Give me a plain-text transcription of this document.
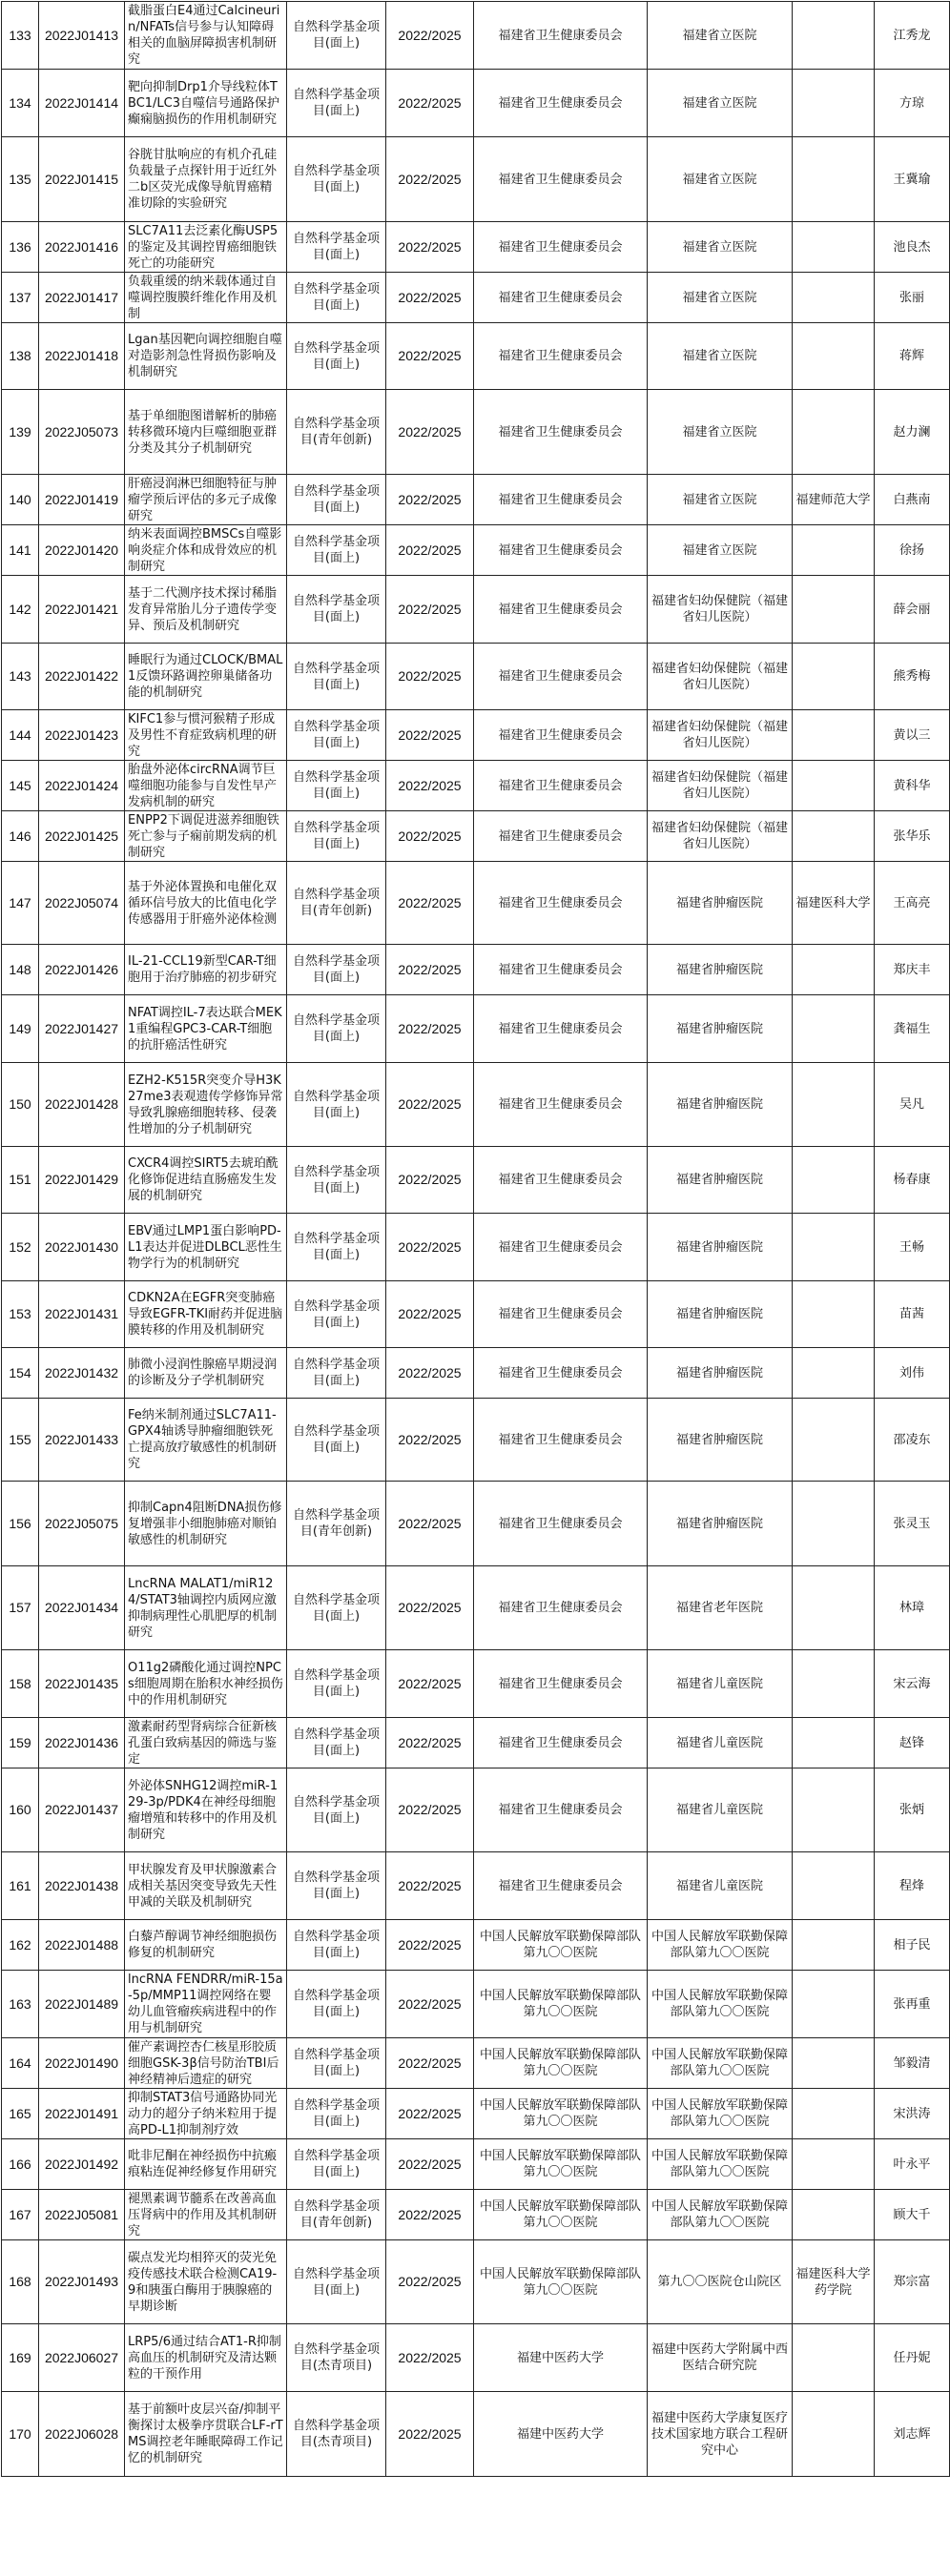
133	2022J01413	截脂蛋白E4通过Calcineurin/NFATs信号参与认知障碍相关的血脑屏障损害机制研究	自然科学基金项目(面上)	2022/2025	福建省卫生健康委员会	福建省立医院		江秀龙
134	2022J01414	靶向抑制Drp1介导线粒体TBC1/LC3自噬信号通路保护癫痫脑损伤的作用机制研究	自然科学基金项目(面上)	2022/2025	福建省卫生健康委员会	福建省立医院		方琼
135	2022J01415	谷胱甘肽响应的有机介孔硅负载量子点探针用于近红外二b区荧光成像导航胃癌精准切除的实验研究	自然科学基金项目(面上)	2022/2025	福建省卫生健康委员会	福建省立医院		王冀瑜
136	2022J01416	SLC7A11去泛素化酶USP5的鉴定及其调控胃癌细胞铁死亡的功能研究	自然科学基金项目(面上)	2022/2025	福建省卫生健康委员会	福建省立医院		池良杰
137	2022J01417	负载重缓的纳米载体通过自噬调控腹膜纤维化作用及机制	自然科学基金项目(面上)	2022/2025	福建省卫生健康委员会	福建省立医院		张丽
138	2022J01418	Lgan基因靶向调控细胞自噬对造影剂急性肾损伤影响及机制研究	自然科学基金项目(面上)	2022/2025	福建省卫生健康委员会	福建省立医院		蒋辉
139	2022J05073	基于单细胞图谱解析的肺癌转移微环境内巨噬细胞亚群分类及其分子机制研究	自然科学基金项目(青年创新)	2022/2025	福建省卫生健康委员会	福建省立医院		赵力澜
140	2022J01419	肝癌浸润淋巴细胞特征与肿瘤学预后评估的多元子成像研究	自然科学基金项目(面上)	2022/2025	福建省卫生健康委员会	福建省立医院	福建师范大学	白燕南
141	2022J01420	纳米表面调控BMSCs自噬影响炎症介体和成骨效应的机制研究	自然科学基金项目(面上)	2022/2025	福建省卫生健康委员会	福建省立医院		徐扬
142	2022J01421	基于二代测序技术探讨稀脂发育异常胎儿分子遗传学变异、预后及机制研究	自然科学基金项目(面上)	2022/2025	福建省卫生健康委员会	福建省妇幼保健院（福建省妇儿医院）		薛会丽
143	2022J01422	睡眠行为通过CLOCK/BMAL1反馈环路调控卵巢储备功能的机制研究	自然科学基金项目(面上)	2022/2025	福建省卫生健康委员会	福建省妇幼保健院（福建省妇儿医院）		熊秀梅
144	2022J01423	KIFC1参与惯河猴精子形成及男性不育症致病机理的研究	自然科学基金项目(面上)	2022/2025	福建省卫生健康委员会	福建省妇幼保健院（福建省妇儿医院）		黄以三
145	2022J01424	胎盘外泌体circRNA调节巨噬细胞功能参与自发性早产发病机制的研究	自然科学基金项目(面上)	2022/2025	福建省卫生健康委员会	福建省妇幼保健院（福建省妇儿医院）		黄科华
146	2022J01425	ENPP2下调促进滋养细胞铁死亡参与子痫前期发病的机制研究	自然科学基金项目(面上)	2022/2025	福建省卫生健康委员会	福建省妇幼保健院（福建省妇儿医院）		张华乐
147	2022J05074	基于外泌体置换和电催化双循环信号放大的比值电化学传感器用于肝癌外泌体检测	自然科学基金项目(青年创新)	2022/2025	福建省卫生健康委员会	福建省肿瘤医院	福建医科大学	王高亮
148	2022J01426	IL-21-CCL19新型CAR-T细胞用于治疗肺癌的初步研究	自然科学基金项目(面上)	2022/2025	福建省卫生健康委员会	福建省肿瘤医院		郑庆丰
149	2022J01427	NFAT调控IL-7表达联合MEK1重编程GPC3-CAR-T细胞的抗肝癌活性研究	自然科学基金项目(面上)	2022/2025	福建省卫生健康委员会	福建省肿瘤医院		龚福生
150	2022J01428	EZH2-K515R突变介导H3K27me3表观遗传学修饰异常导致乳腺癌细胞转移、侵袭性增加的分子机制研究	自然科学基金项目(面上)	2022/2025	福建省卫生健康委员会	福建省肿瘤医院		吴凡
151	2022J01429	CXCR4调控SIRT5去琥珀酰化修饰促进结直肠癌发生发展的机制研究	自然科学基金项目(面上)	2022/2025	福建省卫生健康委员会	福建省肿瘤医院		杨春康
152	2022J01430	EBV通过LMP1蛋白影响PD-L1表达并促进DLBCL恶性生物学行为的机制研究	自然科学基金项目(面上)	2022/2025	福建省卫生健康委员会	福建省肿瘤医院		王畅
153	2022J01431	CDKN2A在EGFR突变肺癌导致EGFR-TKI耐药并促进脑膜转移的作用及机制研究	自然科学基金项目(面上)	2022/2025	福建省卫生健康委员会	福建省肿瘤医院		苗茜
154	2022J01432	肺微小浸润性腺癌早期浸润的诊断及分子学机制研究	自然科学基金项目(面上)	2022/2025	福建省卫生健康委员会	福建省肿瘤医院		刘伟
155	2022J01433	Fe纳米制剂通过SLC7A11-GPX4轴诱导肿瘤细胞铁死亡提高放疗敏感性的机制研究	自然科学基金项目(面上)	2022/2025	福建省卫生健康委员会	福建省肿瘤医院		邵凌东
156	2022J05075	抑制Capn4阻断DNA损伤修复增强非小细胞肺癌对顺铂敏感性的机制研究	自然科学基金项目(青年创新)	2022/2025	福建省卫生健康委员会	福建省肿瘤医院		张灵玉
157	2022J01434	LncRNA MALAT1/miR124/STAT3轴调控内质网应激抑制病理性心肌肥厚的机制研究	自然科学基金项目(面上)	2022/2025	福建省卫生健康委员会	福建省老年医院		林璋
158	2022J01435	O11g2磷酸化通过调控NPCs细胞周期在胎积水神经损伤中的作用机制研究	自然科学基金项目(面上)	2022/2025	福建省卫生健康委员会	福建省儿童医院		宋云海
159	2022J01436	激素耐药型肾病综合征新核孔蛋白致病基因的筛选与鉴定	自然科学基金项目(面上)	2022/2025	福建省卫生健康委员会	福建省儿童医院		赵锋
160	2022J01437	外泌体SNHG12调控miR-129-3p/PDK4在神经母细胞瘤增殖和转移中的作用及机制研究	自然科学基金项目(面上)	2022/2025	福建省卫生健康委员会	福建省儿童医院		张炳
161	2022J01438	甲状腺发育及甲状腺激素合成相关基因突变导致先天性甲减的关联及机制研究	自然科学基金项目(面上)	2022/2025	福建省卫生健康委员会	福建省儿童医院		程烽
162	2022J01488	白藜芦醇调节神经细胞损伤修复的机制研究	自然科学基金项目(面上)	2022/2025	中国人民解放军联勤保障部队第九〇〇医院	中国人民解放军联勤保障部队第九〇〇医院		相子民
163	2022J01489	lncRNA FENDRR/miR-15a-5p/MMP11调控网络在婴幼儿血管瘤疾病进程中的作用与机制研究	自然科学基金项目(面上)	2022/2025	中国人民解放军联勤保障部队第九〇〇医院	中国人民解放军联勤保障部队第九〇〇医院		张再重
164	2022J01490	催产素调控杏仁核星形胶质细胞GSK-3β信号防治TBI后神经精神后遗症的研究	自然科学基金项目(面上)	2022/2025	中国人民解放军联勤保障部队第九〇〇医院	中国人民解放军联勤保障部队第九〇〇医院		邹毅清
165	2022J01491	抑制STAT3信号通路协同光动力的超分子纳米粒用于提高PD-L1抑制剂疗效	自然科学基金项目(面上)	2022/2025	中国人民解放军联勤保障部队第九〇〇医院	中国人民解放军联勤保障部队第九〇〇医院		宋洪涛
166	2022J01492	吡非尼酮在神经损伤中抗瘢痕粘连促神经修复作用研究	自然科学基金项目(面上)	2022/2025	中国人民解放军联勤保障部队第九〇〇医院	中国人民解放军联勤保障部队第九〇〇医院		叶永平
167	2022J05081	褪黑素调节髓系在改善高血压肾病中的作用及其机制研究	自然科学基金项目(青年创新)	2022/2025	中国人民解放军联勤保障部队第九〇〇医院	中国人民解放军联勤保障部队第九〇〇医院		顾大千
168	2022J01493	碳点发光均相猝灭的荧光免疫传感技术联合检测CA19-9和胰蛋白酶用于胰腺癌的早期诊断	自然科学基金项目(面上)	2022/2025	中国人民解放军联勤保障部队第九〇〇医院	第九〇〇医院仓山院区	福建医科大学药学院	郑宗富
169	2022J06027	LRP5/6通过结合AT1-R抑制高血压的机制研究及清达颗粒的干预作用	自然科学基金项目(杰青项目)	2022/2025	福建中医药大学	福建中医药大学附属中西医结合研究院		任丹妮
170	2022J06028	基于前额叶皮层兴奋/抑制平衡探讨太极拳序贯联合LF-rTMS调控老年睡眠障碍工作记忆的机制研究	自然科学基金项目(杰青项目)	2022/2025	福建中医药大学	福建中医药大学康复医疗技术国家地方联合工程研究中心		刘志辉
